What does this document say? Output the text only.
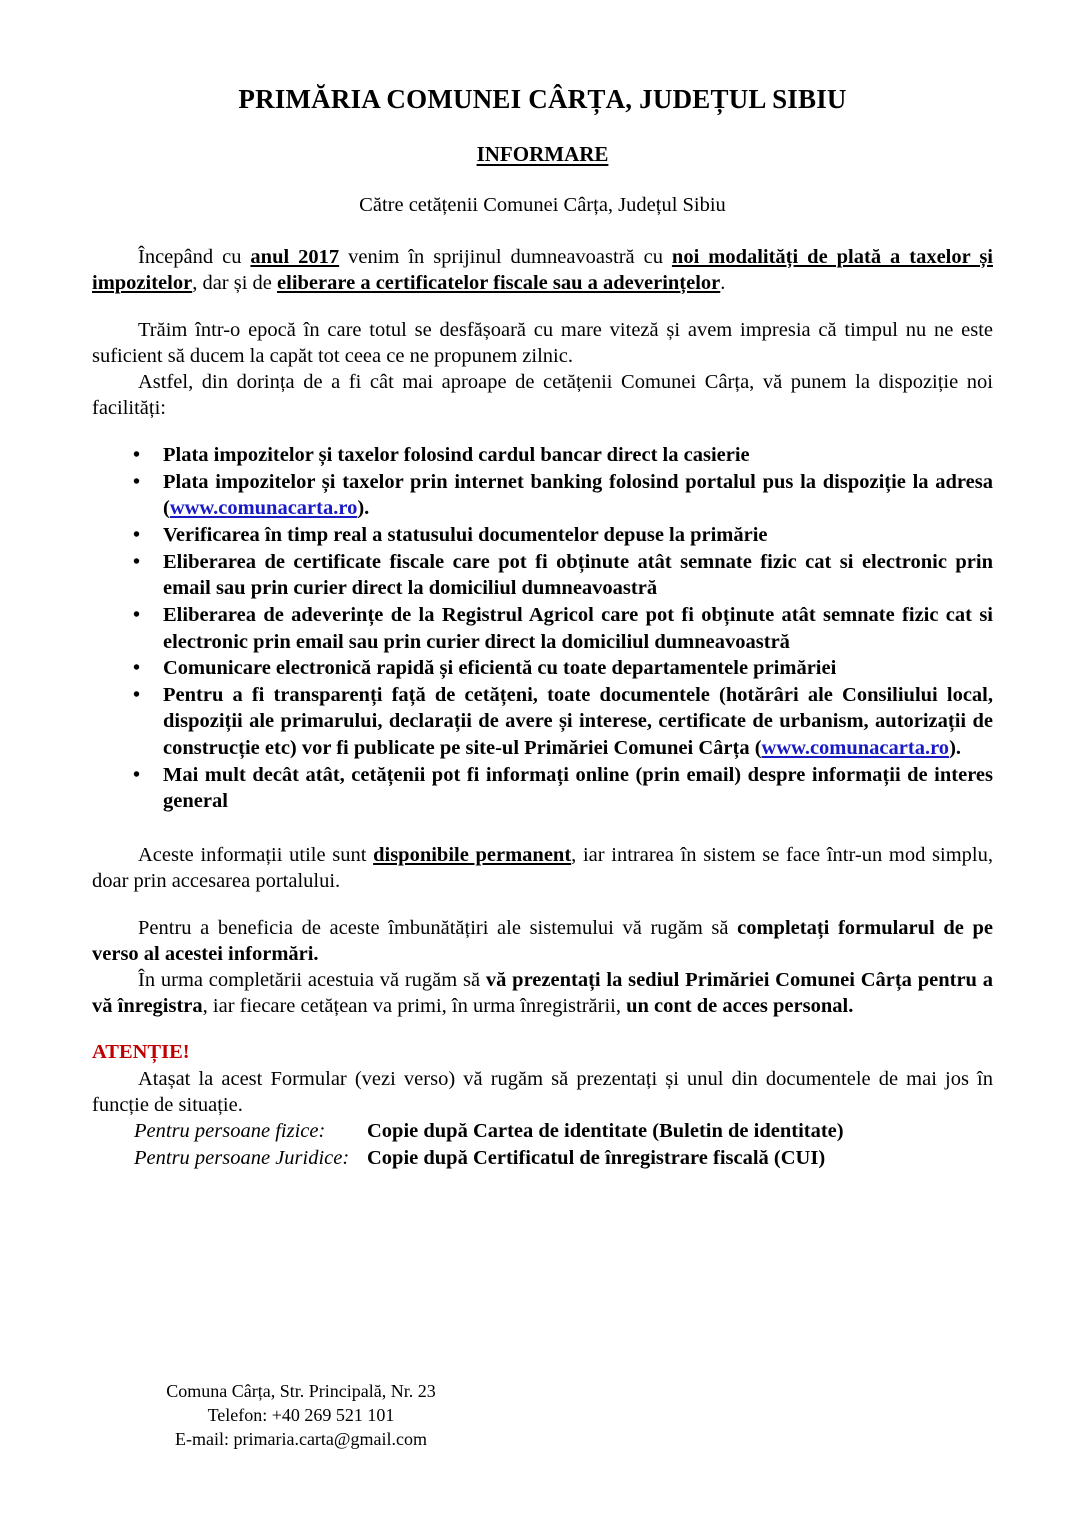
PRIMĂRIA COMUNEI CÂRȚA, JUDEȚUL SIBIU
INFORMARE
Către cetățenii Comunei Cârța, Județul Sibiu

Începând cu anul 2017 venim în sprijinul dumneavoastră cu noi modalități de plată a taxelor și impozitelor, dar și de eliberare a certificatelor fiscale sau a adeverințelor.

Trăim într-o epocă în care totul se desfășoară cu mare viteză și avem impresia că timpul nu ne este suficient să ducem la capăt tot ceea ce ne propunem zilnic.

Astfel, din dorința de a fi cât mai aproape de cetățenii Comunei Cârța, vă punem la dispoziție noi facilități:

• Plata impozitelor și taxelor folosind cardul bancar direct la casierie
• Plata impozitelor și taxelor prin internet banking folosind portalul pus la dispoziție la adresa (www.comunacarta.ro).
• Verificarea în timp real a statusului documentelor depuse la primărie
• Eliberarea de certificate fiscale care pot fi obținute atât semnate fizic cat si electronic prin email sau prin curier direct la domiciliul dumneavoastră
• Eliberarea de adeverințe de la Registrul Agricol care pot fi obținute atât semnate fizic cat si electronic prin email sau prin curier direct la domiciliul dumneavoastră
• Comunicare electronică rapidă și eficientă cu toate departamentele primăriei
• Pentru a fi transparenți față de cetățeni, toate documentele (hotărâri ale Consiliului local, dispoziții ale primarului, declarații de avere și interese, certificate de urbanism, autorizații de construcție etc) vor fi publicate pe site-ul Primăriei Comunei Cârța (www.comunacarta.ro).
• Mai mult decât atât, cetățenii pot fi informați online (prin email) despre informații de interes general

Aceste informații utile sunt disponibile permanent, iar intrarea în sistem se face într-un mod simplu, doar prin accesarea portalului.

Pentru a beneficia de aceste îmbunătățiri ale sistemului vă rugăm să completați formularul de pe verso al acestei informări.

În urma completării acestuia vă rugăm să vă prezentați la sediul Primăriei Comunei Cârța pentru a vă înregistra, iar fiecare cetățean va primi, în urma înregistrării, un cont de acces personal.

ATENȚIE!

Atașat la acest Formular (vezi verso) vă rugăm să prezentați și unul din documentele de mai jos în funcție de situație.

Pentru persoane fizice: Copie după Cartea de identitate (Buletin de identitate)
Pentru persoane Juridice: Copie după Certificatul de înregistrare fiscală (CUI)
Comuna Cârța, Str. Principală, Nr. 23
Telefon: +40 269 521 101
E-mail: primaria.carta@gmail.com
